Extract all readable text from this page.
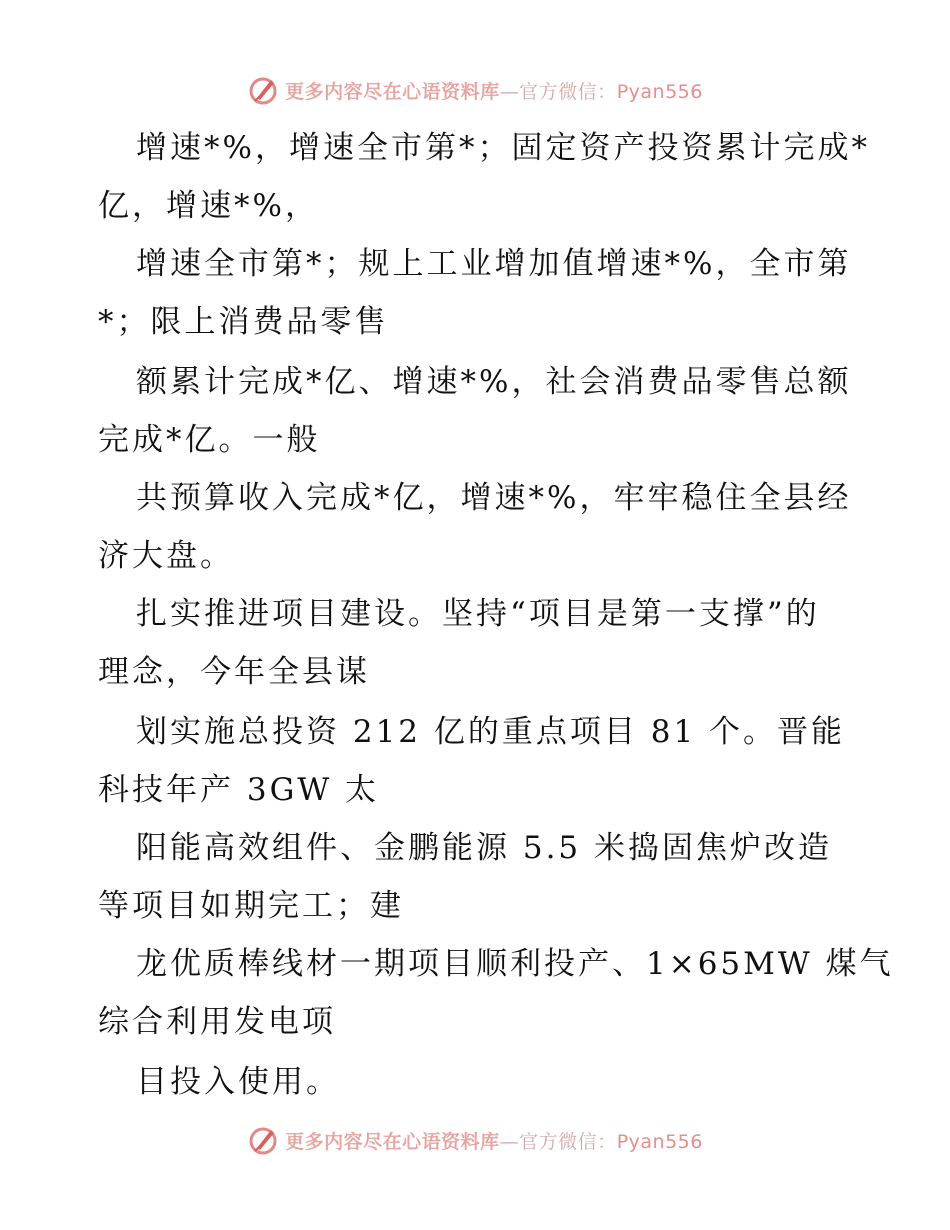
更多内容尽在心语资料库—官方微信：Pyan556
增速*%，增速全市第*；固定资产投资累计完成*
亿，增速*%，
增速全市第*；规上工业增加值增速*%，全市第
*；限上消费品零售
额累计完成*亿、增速*%，社会消费品零售总额
完成*亿。一般
共预算收入完成*亿，增速*%，牢牢稳住全县经
济大盘。
扎实推进项目建设。坚持“项目是第一支撑”的
理念，今年全县谋
划实施总投资 212 亿的重点项目 81 个。晋能
科技年产 3GW 太
阳能高效组件、金鹏能源 5.5 米捣固焦炉改造
等项目如期完工；建
龙优质棒线材一期项目顺利投产、1×65MW 煤气
综合利用发电项
目投入使用。
更多内容尽在心语资料库—官方微信：Pyan556
